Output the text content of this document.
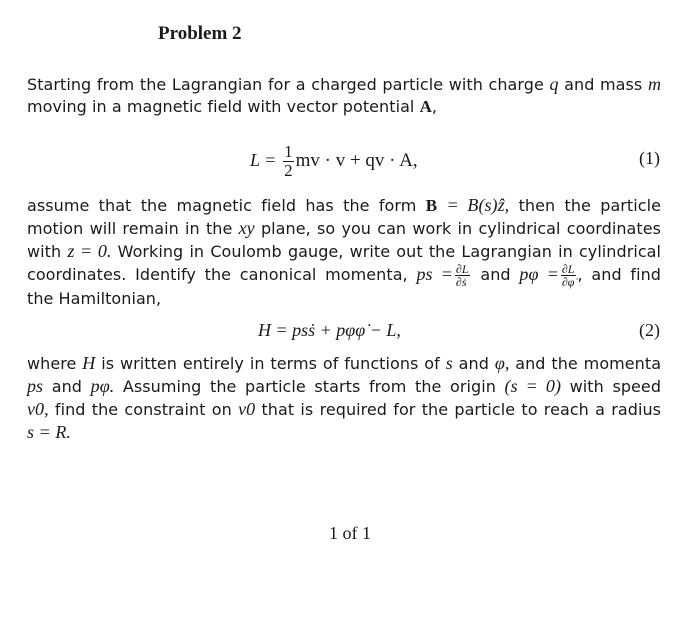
Problem 2
Starting from the Lagrangian for a charged particle with charge q and mass m
moving in a magnetic field with vector potential A,
$L = \frac{1}{2}$ mv · v + qv · A,	(1)
assume that the magnetic field has the form B = B(s)ẑ, then the particle
motion will remain in the xy plane, so you can work in cylindrical coordinates
with z = 0. Working in Coulomb gauge, write out the Lagrangian in cylindrical
coordinates. Identify the canonical momenta, ps = $\frac{\partial L}{\text{∂ṡ}}$ and $p\varphi = \frac{\partial L}{\partial\varphi̇}$ , and find
the Hamiltonian,
H = psṡ + pφφ̇ − L,	(2)
where H is written entirely in terms of functions of s and φ, and the momenta
ps and pφ. Assuming the particle starts from the origin (s = 0) with speed
v0, find the constraint on v0 that is required for the particle to reach a radius
s = R.
1 of 1
